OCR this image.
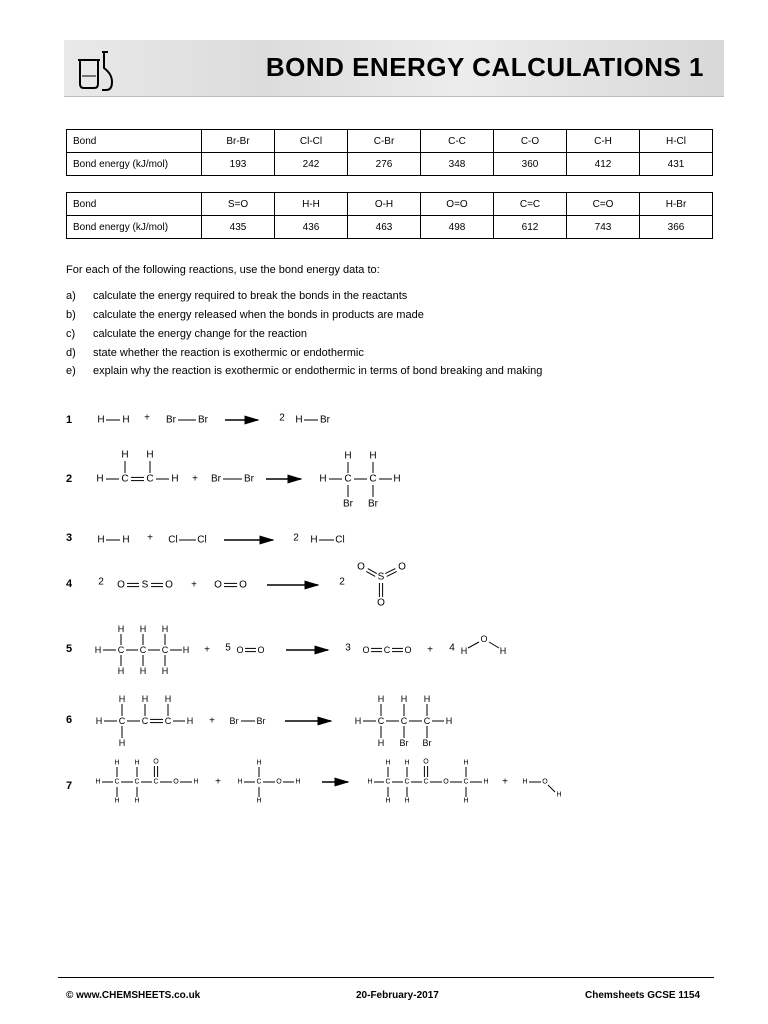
BOND ENERGY CALCULATIONS 1
Bond	Br-Br	Cl-Cl	C-Br	C-C	C-O	C-H	H-Cl
Bond energy (kJ/mol)	193	242	276	348	360	412	431
Bond	S=O	H-H	O-H	O=O	C=C	C=O	H-Br
Bond energy (kJ/mol)	435	436	463	498	612	743	366
For each of the following reactions, use the bond energy data to:
a) calculate the energy required to break the bonds in the reactants
b) calculate the energy released when the bonds in products are made
c) calculate the energy change for the reaction
d) state whether the reaction is exothermic or endothermic
e) explain why the reaction is exothermic or endothermic in terms of bond breaking and making
1
2
3
4
5
6
7
H H + Br Br	2 H Br
H C C H
H H
+ Br Br	H C C H
H H
Br Br
H H + Cl Cl	2 H Cl
2 O S O + O O	2	S
O	O
O
H C C C H
H
H
H
H
H
H
+ 5 O O	3 O C O + 4 H
O
H
H C C C H
H H H
H
+ Br Br	H C C C H
H H H
H Br Br
H C C C O H
H
H
H
H
O
+ H C O H
H
H
H C C C O C H
H
H
H
H
O	H
H
+ H O
H
© www.CHEMSHEETS.co.uk	20-February-2017	Chemsheets GCSE 1154
